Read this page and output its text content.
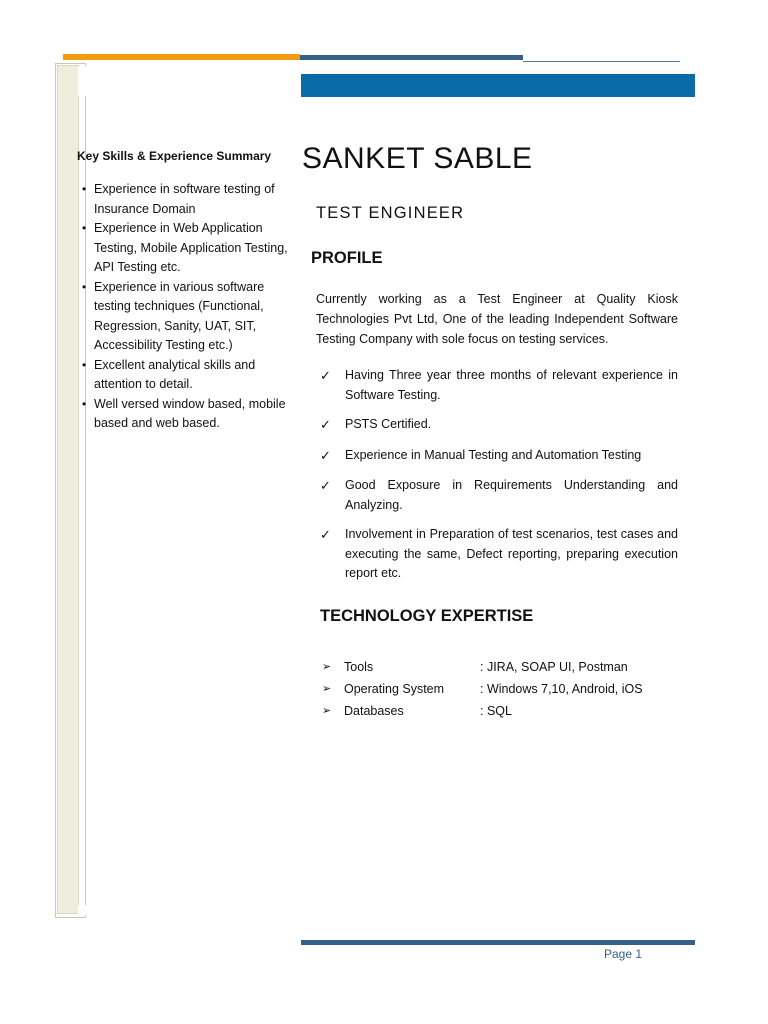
Key Skills & Experience Summary
• Experience in software testing of Insurance Domain
• Experience in Web Application Testing, Mobile Application Testing, API Testing etc.
• Experience in various software testing techniques (Functional, Regression, Sanity, UAT, SIT, Accessibility Testing etc.)
• Excellent analytical skills and attention to detail.
• Well versed window based, mobile based and web based.
SANKET SABLE
TEST ENGINEER
PROFILE

Currently working as a Test Engineer at Quality Kiosk Technologies Pvt Ltd, One of the leading Independent Software Testing Company with sole focus on testing services.

✓ Having Three year three months of relevant experience in Software Testing.
✓ PSTS Certified.
✓ Experience in Manual Testing and Automation Testing
✓ Good Exposure in Requirements Understanding and Analyzing.
✓ Involvement in Preparation of test scenarios, test cases and executing the same, Defect reporting, preparing execution report etc.
TECHNOLOGY EXPERTISE
➢ Tools	: JIRA, SOAP UI, Postman
➢ Operating System	: Windows 7,10, Android, iOS
➢ Databases	: SQL
Page 1
